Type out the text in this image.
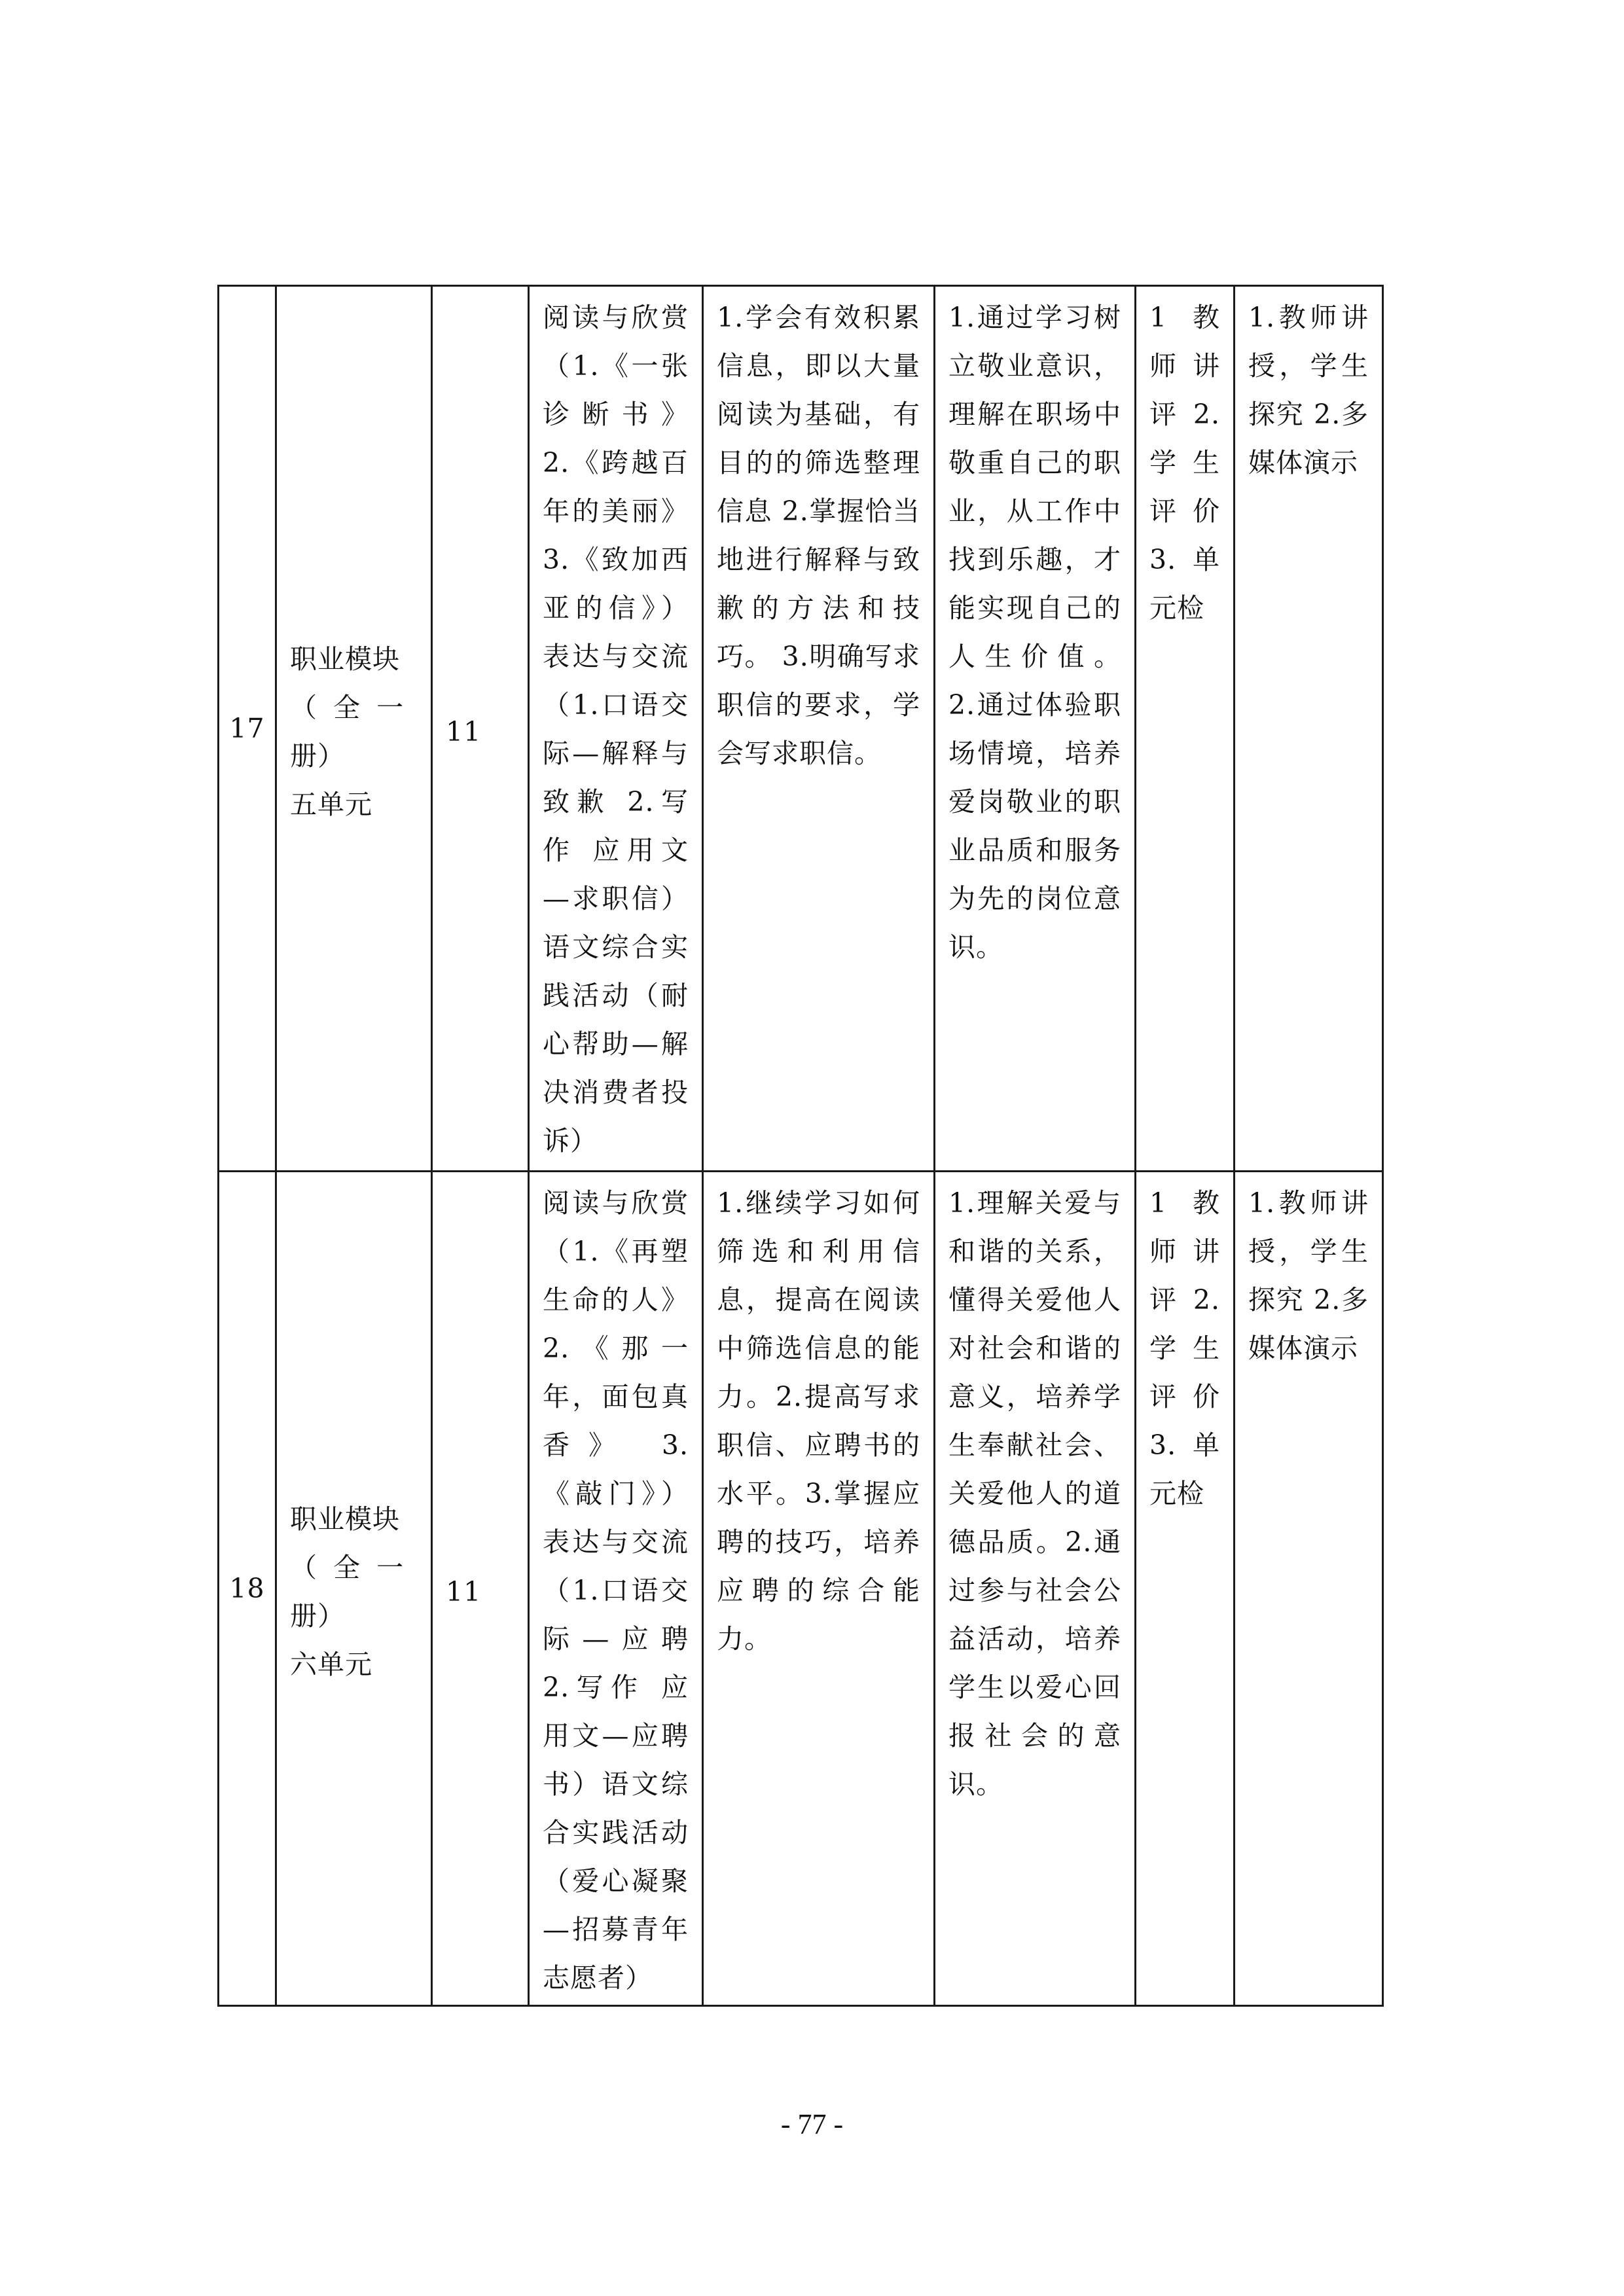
17	职业模块
（ 全 一
册）
五单元	11	阅读与欣赏（1.《一张诊断书》 2.《跨越百年的美丽》 3.《致加西亚的信》）表达与交流（1.口语交际—解释与致歉 2.写作 应用文—求职信）语文综合实践活动（耐心帮助—解决消费者投诉）	1.学会有效积累信息，即以大量阅读为基础，有目的的筛选整理信息 2.掌握恰当地进行解释与致歉的方法和技巧。 3.明确写求职信的要求，学会写求职信。	1.通过学习树立敬业意识，理解在职场中敬重自己的职业，从工作中找到乐趣，才能实现自己的人生价值。 2.通过体验职场情境，培养爱岗敬业的职业品质和服务为先的岗位意识。	1 教师讲评 2.学生评价 3.单元检	1.教师讲授，学生探究 2.多媒体演示
18	职业模块
（ 全 一
册）
六单元	11	阅读与欣赏（1.《再塑生命的人》 2.《那一年，面包真香》 3.《敲门》）表达与交流（1.口语交际—应聘 2.写作 应用文—应聘书）语文综合实践活动（爱心凝聚—招募青年志愿者）	1.继续学习如何筛选和利用信息，提高在阅读中筛选信息的能力。2.提高写求职信、应聘书的水平。3.掌握应聘的技巧，培养应聘的综合能力。	1.理解关爱与和谐的关系，懂得关爱他人对社会和谐的意义，培养学生奉献社会、关爱他人的道德品质。2.通过参与社会公益活动，培养学生以爱心回报社会的意识。	1 教师讲评 2.学生评价 3.单元检	1.教师讲授，学生探究 2.多媒体演示
- 77 -
